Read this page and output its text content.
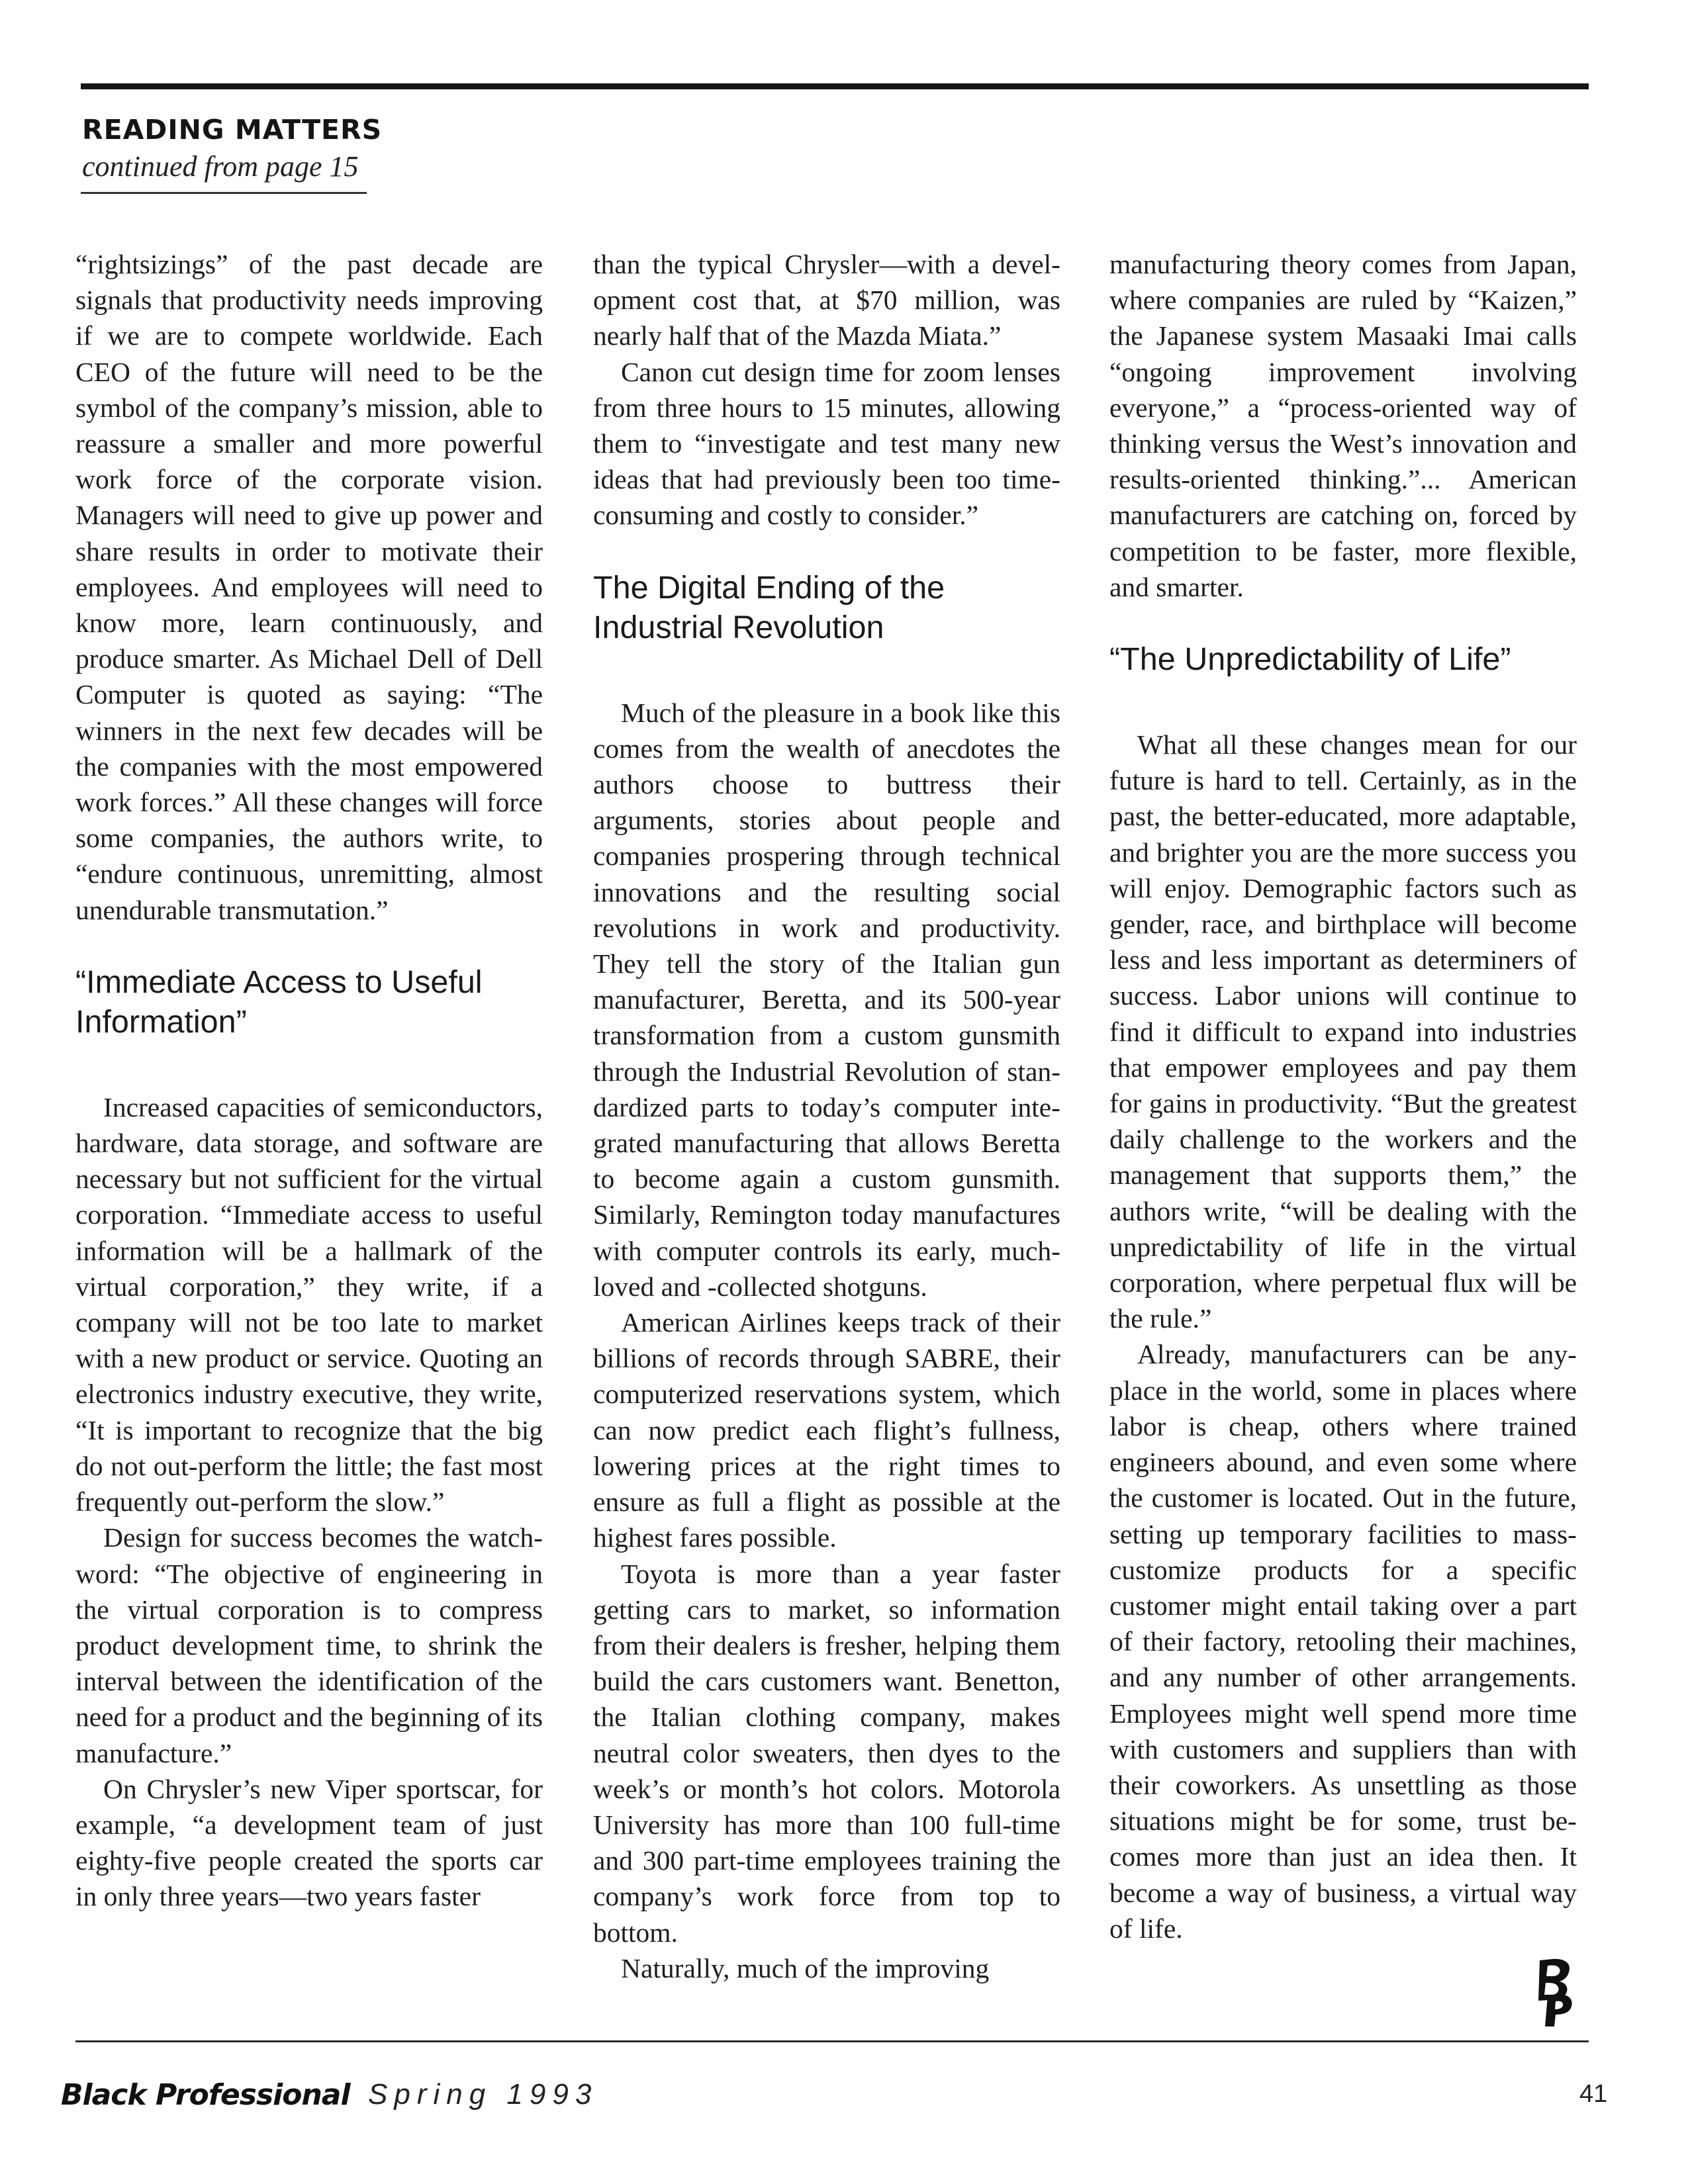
READING MATTERS

continued from page 15

“rightsizings” of the past decade are signals that productivity needs improving if we are to compete worldwide. Each CEO of the future will need to be the symbol of the company’s mission, able to reassure a smaller and more powerful work force of the corporate vision. Managers will need to give up power and share results in order to motivate their employees. And employees will need to know more, learn continuously, and produce smarter. As Michael Dell of Dell Computer is quoted as saying: “The winners in the next few decades will be the companies with the most empowered work forces.” All these changes will force some companies, the authors write, to “endure continuous, unremitting, almost unendurable transmutation.”

“Immediate Access to Useful Information”

Increased capacities of semiconductors, hardware, data storage, and software are necessary but not sufficient for the virtual corporation. “Immediate access to useful information will be a hallmark of the virtual corporation,” they write, if a company will not be too late to market with a new product or service. Quoting an electronics industry executive, they write, “It is important to recognize that the big do not out-perform the little; the fast most frequently out-perform the slow.”

Design for success becomes the watchword: “The objective of engineering in the virtual corporation is to compress product development time, to shrink the interval between the identification of the need for a product and the beginning of its manufacture.”

On Chrysler’s new Viper sportscar, for example, “a development team of just eighty-five people created the sports car in only three years—two years faster

than the typical Chrysler—with a development cost that, at $70 million, was nearly half that of the Mazda Miata.”

Canon cut design time for zoom lenses from three hours to 15 minutes, allowing them to “investigate and test many new ideas that had previously been too time-consuming and costly to consider.”

The Digital Ending of the Industrial Revolution

Much of the pleasure in a book like this comes from the wealth of anecdotes the authors choose to buttress their arguments, stories about people and companies prospering through technical innovations and the resulting social revolutions in work and productivity. They tell the story of the Italian gun manufacturer, Beretta, and its 500-year transformation from a custom gunsmith through the Industrial Revolution of standardized parts to today’s computer integrated manufacturing that allows Beretta to become again a custom gunsmith. Similarly, Remington today manufactures with computer controls its early, much-loved and -collected shotguns.

American Airlines keeps track of their billions of records through SABRE, their computerized reservations system, which can now predict each flight’s fullness, lowering prices at the right times to ensure as full a flight as possible at the highest fares possible.

Toyota is more than a year faster getting cars to market, so information from their dealers is fresher, helping them build the cars customers want. Benetton, the Italian clothing company, makes neutral color sweaters, then dyes to the week’s or month’s hot colors. Motorola University has more than 100 full-time and 300 part-time employees training the company’s work force from top to bottom.

Naturally, much of the improving

manufacturing theory comes from Japan, where companies are ruled by “Kaizen,” the Japanese system Masaaki Imai calls “ongoing improvement involving everyone,” a “process-oriented way of thinking versus the West’s innovation and results-oriented thinking.”... American manufacturers are catching on, forced by competition to be faster, more flexible, and smarter.

“The Unpredictability of Life”

What all these changes mean for our future is hard to tell. Certainly, as in the past, the better-educated, more adaptable, and brighter you are the more success you will enjoy. Demographic factors such as gender, race, and birthplace will become less and less important as determiners of success. Labor unions will continue to find it difficult to expand into industries that empower employees and pay them for gains in productivity. “But the greatest daily challenge to the workers and the management that supports them,” the authors write, “will be dealing with the unpredictability of life in the virtual corporation, where perpetual flux will be the rule.”

Already, manufacturers can be anyplace in the world, some in places where labor is cheap, others where trained engineers abound, and even some where the customer is located. Out in the future, setting up temporary facilities to mass-customize products for a specific customer might entail taking over a part of their factory, retooling their machines, and any number of other arrangements. Employees might well spend more time with customers and suppliers than with their coworkers. As unsettling as those situations might be for some, trust becomes more than just an idea then. It become a way of business, a virtual way of life.

Black Professional Spring 1993	41
